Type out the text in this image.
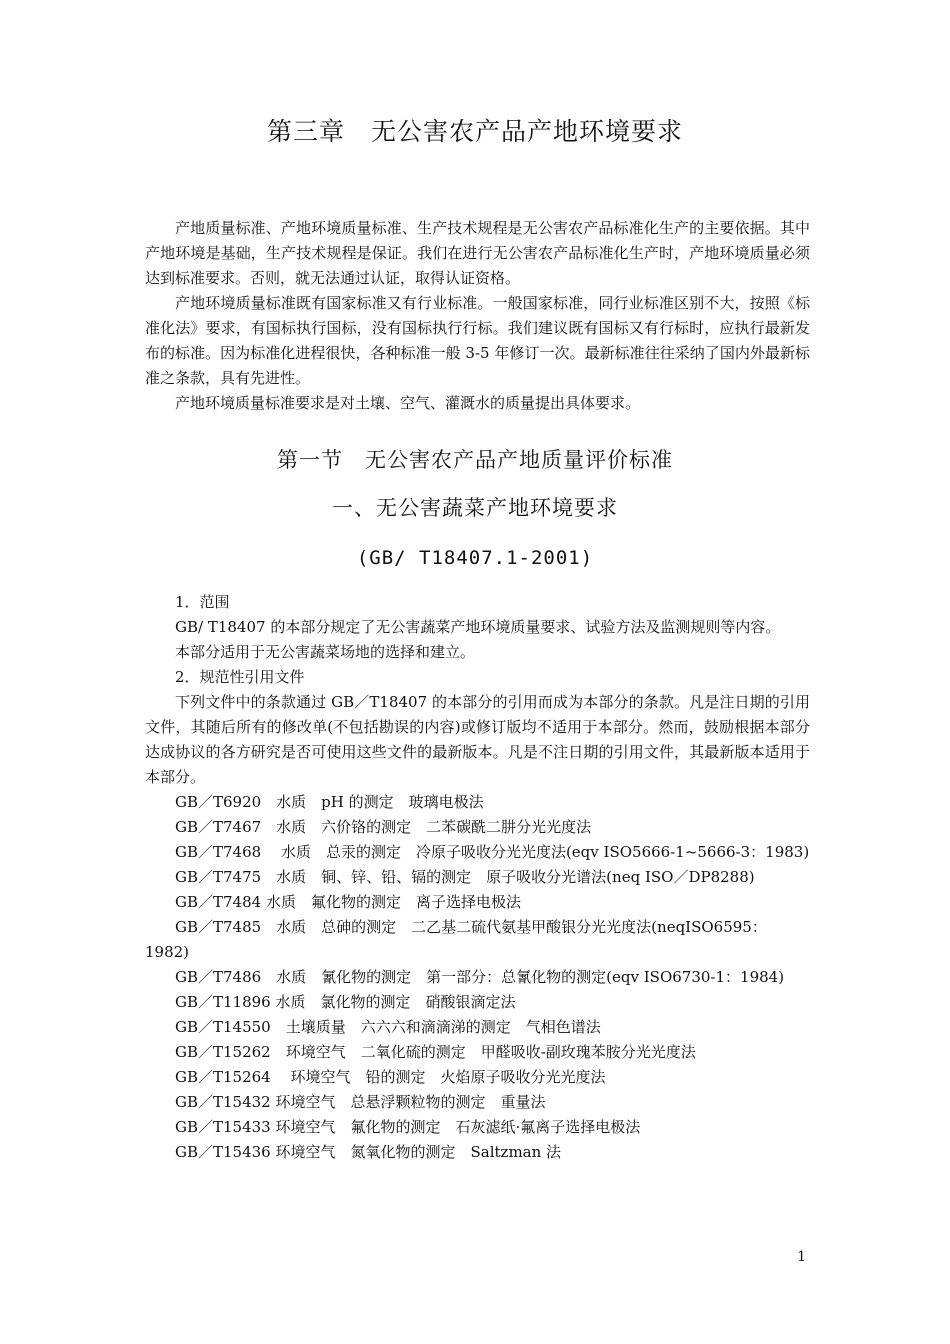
第三章　无公害农产品产地环境要求

产地质量标准、产地环境质量标准、生产技术规程是无公害农产品标准化生产的主要依据。其中产地环境是基础，生产技术规程是保证。我们在进行无公害农产品标准化生产时，产地环境质量必须达到标准要求。否则，就无法通过认证，取得认证资格。

产地环境质量标准既有国家标准又有行业标准。一般国家标准，同行业标准区别不大，按照《标准化法》要求，有国标执行国标，没有国标执行行标。我们建议既有国标又有行标时，应执行最新发布的标准。因为标准化进程很快，各种标准一般 3-5 年修订一次。最新标准往往采纳了国内外最新标准之条款，具有先进性。

产地环境质量标准要求是对土壤、空气、灌溉水的质量提出具体要求。

第一节　无公害农产品产地质量评价标准
一、无公害蔬菜产地环境要求
(GB/ T18407.1-2001)

1．范围

GB/ T18407 的本部分规定了无公害蔬菜产地环境质量要求、试验方法及监测规则等内容。

本部分适用于无公害蔬菜场地的选择和建立。

2．规范性引用文件

下列文件中的条款通过 GB／T18407 的本部分的引用而成为本部分的条款。凡是注日期的引用文件，其随后所有的修改单(不包括勘误的内容)或修订版均不适用于本部分。然而，鼓励根据本部分达成协议的各方研究是否可使用这些文件的最新版本。凡是不注日期的引用文件，其最新版本适用于本部分。

GB／T6920　水质　pH 的测定　玻璃电极法
GB／T7467　水质　六价铬的测定　二苯碳酰二肼分光光度法
GB／T7468　 水质　总汞的测定　冷原子吸收分光光度法(eqv ISO5666-1~5666-3：1983)
GB／T7475　水质　铜、锌、铅、镉的测定　原子吸收分光谱法(neq ISO／DP8288)
GB／T7484 水质　氟化物的测定　离子选择电极法
GB／T7485　水质　总砷的测定　二乙基二硫代氨基甲酸银分光光度法(neqISO6595：1982)
GB／T7486　水质　氰化物的测定　第一部分：总氰化物的测定(eqv ISO6730-1：1984)
GB／T11896 水质　氯化物的测定　硝酸银滴定法
GB／T14550　土壤质量　六六六和滴滴涕的测定　气相色谱法
GB／T15262　环境空气　二氧化硫的测定　甲醛吸收-副玫瑰苯胺分光光度法
GB／T15264　 环境空气　铅的测定　火焰原子吸收分光光度法
GB／T15432 环境空气　总悬浮颗粒物的测定　重量法
GB／T15433 环境空气　氟化物的测定　石灰滤纸·氟离子选择电极法
GB／T15436 环境空气　氮氧化物的测定　Saltzman 法
1
